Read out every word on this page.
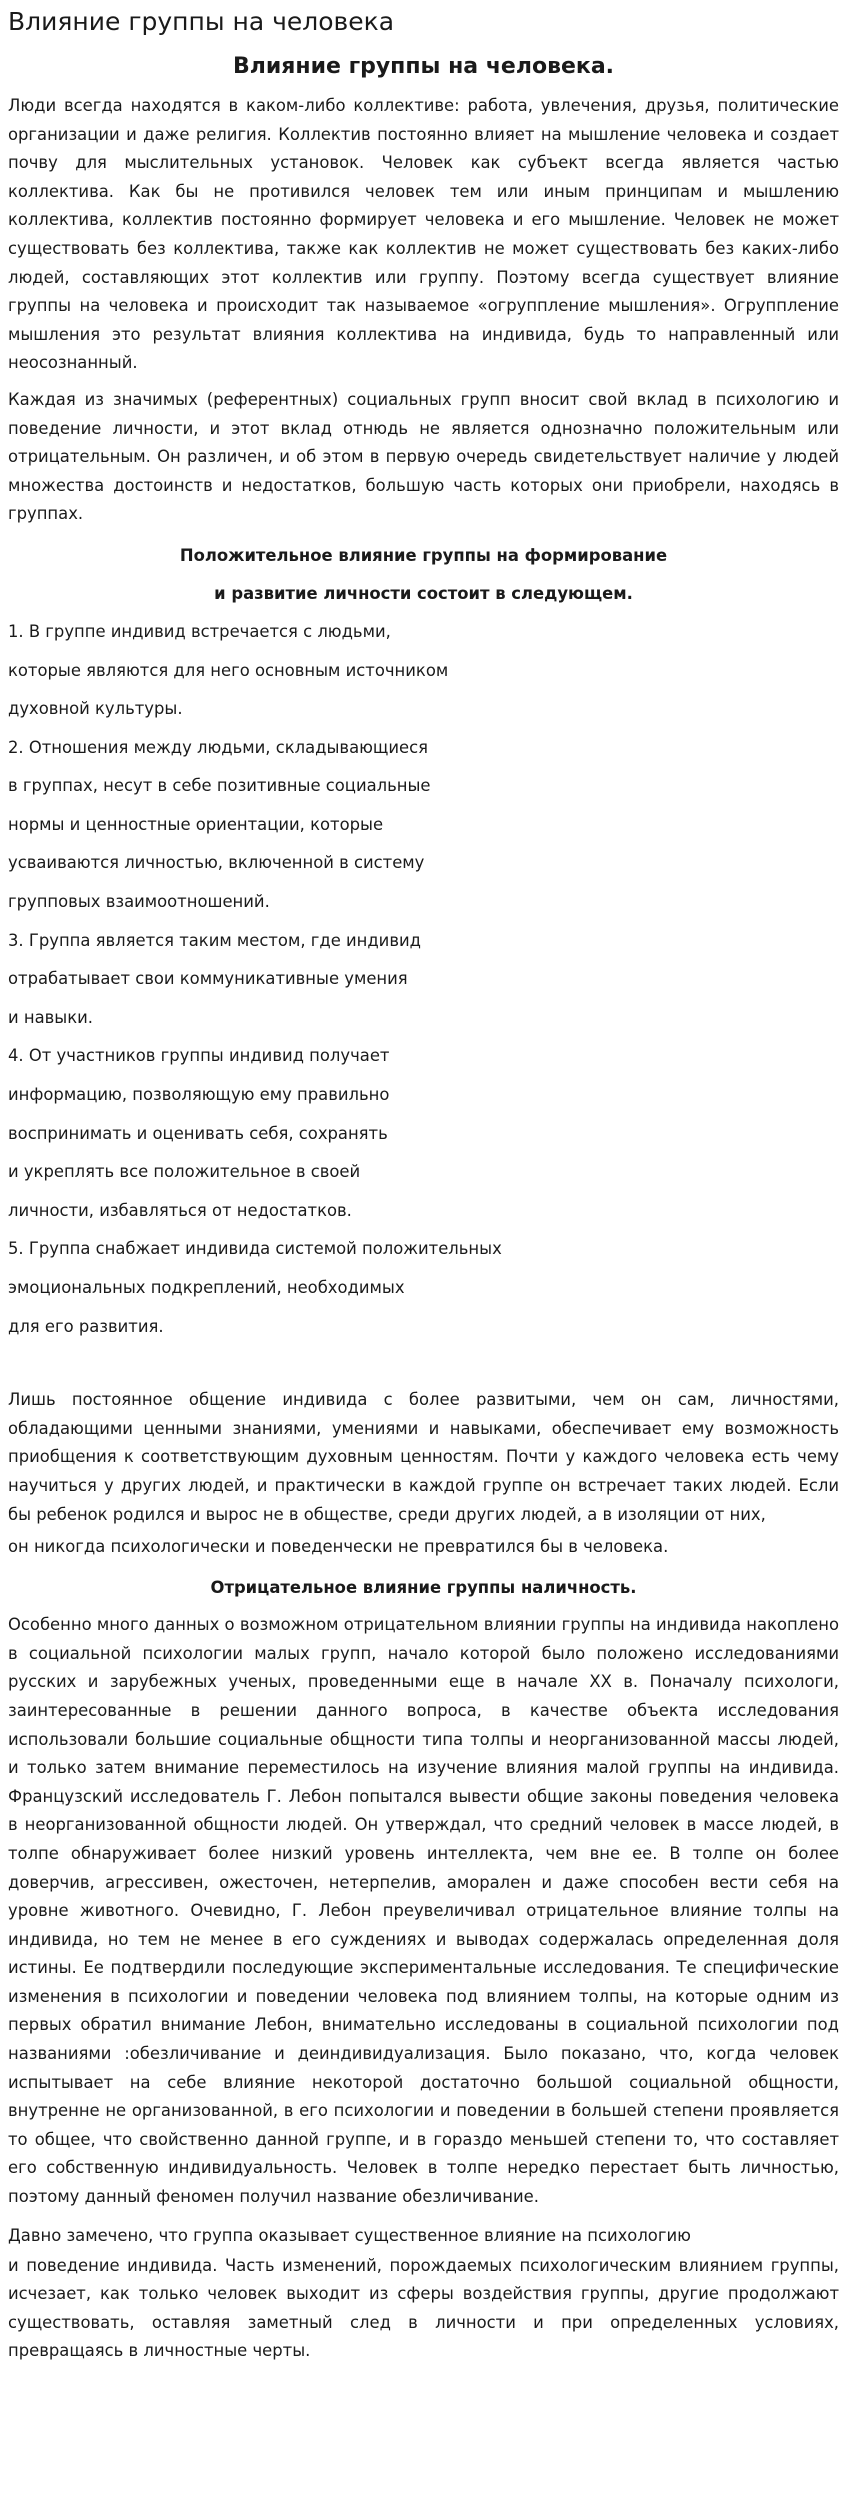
Влияние группы на человека
Влияние группы на человека.

Люди всегда находятся в каком-либо коллективе: работа, увлечения, друзья, политические организации и даже религия. Коллектив постоянно влияет на мышление человека и создает почву для мыслительных установок. Человек как субъект всегда является частью коллектива. Как бы не противился человек тем или иным принципам и мышлению коллектива, коллектив постоянно формирует человека и его мышление. Человек не может существовать без коллектива, также как коллектив не может существовать без каких-либо людей, составляющих этот коллектив или группу. Поэтому всегда существует влияние группы на человека и происходит так называемое «огруппление мышления». Огруппление мышления это результат влияния коллектива на индивида, будь то направленный или неосознанный.

Каждая из значимых (референтных) социальных групп вносит свой вклад в психологию и поведение личности, и этот вклад отнюдь не является однозначно положительным или отрицательным. Он различен, и об этом в первую очередь свидетельствует наличие у людей множества достоинств и недостатков, большую часть которых они приобрели, находясь в группах.

Положительное влияние группы на формирование
и развитие личности состоит в следующем.
1. В группе индивид встречается с людьми,
которые являются для него основным источником
духовной культуры.
2. Отношения между людьми, складывающиеся
в группах, несут в себе позитивные социальные
нормы и ценностные ориентации, которые
усваиваются личностью, включенной в систему
групповых взаимоотношений.
3. Группа является таким местом, где индивид
отрабатывает свои коммуникативные умения
и навыки.
4. От участников группы индивид получает
информацию, позволяющую ему правильно
воспринимать и оценивать себя, сохранять
и укреплять все положительное в своей
личности, избавляться от недостатков.
5. Группа снабжает индивида системой положительных
эмоциональных подкреплений, необходимых
для его развития.

Лишь постоянное общение индивида с более развитыми, чем он сам, личностями, обладающими ценными знаниями, умениями и навыками, обеспечивает ему возможность приобщения к соответствующим духовным ценностям. Почти у каждого человека есть чему научиться у других людей, и практически в каждой группе он встречает таких людей. Если бы ребенок родился и вырос не в обществе, среди других людей, а в изоляции от них,

он никогда психологически и поведенчески не превратился бы в человека.
Отрицательное влияние группы наличность.

Особенно много данных о возможном отрицательном влиянии группы на индивида накоплено в социальной психологии малых групп, начало которой было положено исследованиями русских и зарубежных ученых, проведенными еще в начале XX в. Поначалу психологи, заинтересованные в решении данного вопроса, в качестве объекта исследования использовали большие социальные общности типа толпы и неорганизованной массы людей, и только затем внимание переместилось на изучение влияния малой группы на индивида. Французский исследователь Г. Лебон попытался вывести общие законы поведения человека в неорганизованной общности людей. Он утверждал, что средний человек в массе людей, в толпе обнаруживает более низкий уровень интеллекта, чем вне ее. В толпе он более доверчив, агрессивен, ожесточен, нетерпелив, аморален и даже способен вести себя на уровне животного. Очевидно, Г. Лебон преувеличивал отрицательное влияние толпы на индивида, но тем не менее в его суждениях и выводах содержалась определенная доля истины. Ее подтвердили последующие экспериментальные исследования. Те специфические изменения в психологии и поведении человека под влиянием толпы, на которые одним из первых обратил внимание Лебон, внимательно исследованы в социальной психологии под названиями :обезличивание и деиндивидуализация. Было показано, что, когда человек испытывает на себе влияние некоторой достаточно большой социальной общности, внутренне не организованной, в его психологии и поведении в большей степени проявляется то общее, что свойственно данной группе, и в гораздо меньшей степени то, что составляет его собственную индивидуальность. Человек в толпе нередко перестает быть личностью, поэтому данный феномен получил название обезличивание.

Давно замечено, что группа оказывает существенное влияние на психологию

и поведение индивида. Часть изменений, порождаемых психологическим влиянием группы, исчезает, как только человек выходит из сферы воздействия группы, другие продолжают существовать, оставляя заметный след в личности и при определенных условиях, превращаясь в личностные черты.
